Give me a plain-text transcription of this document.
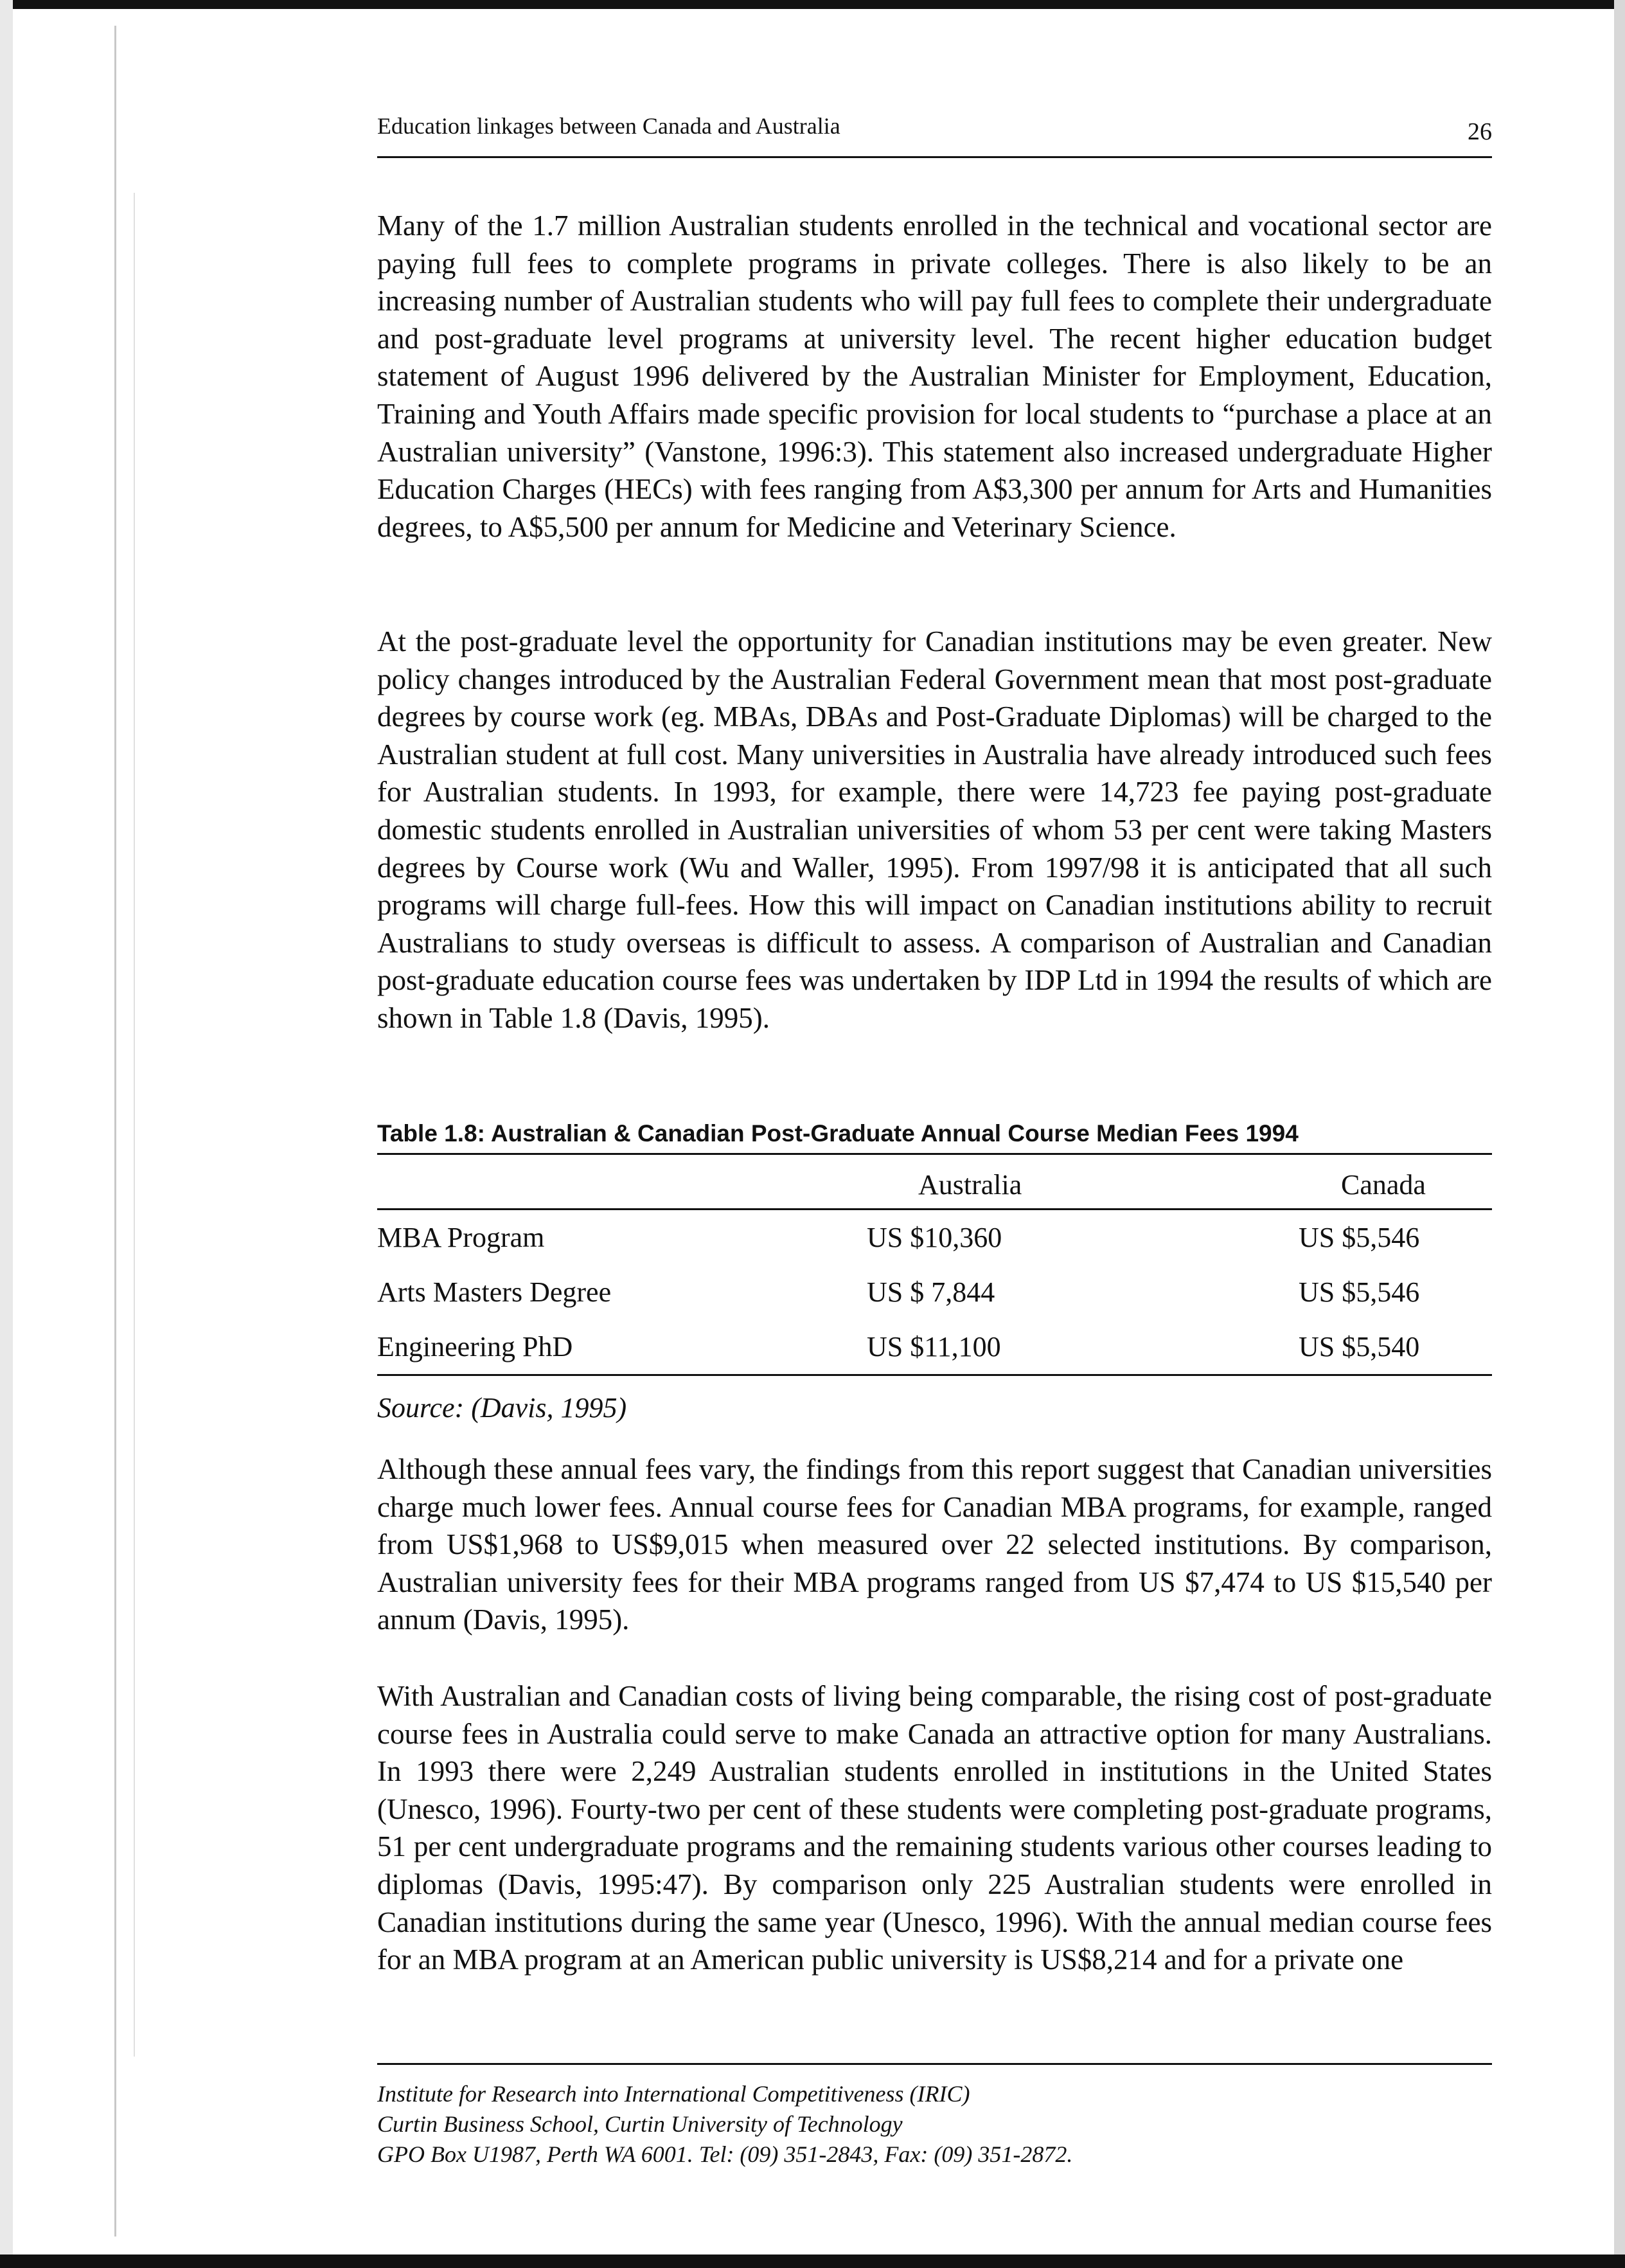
Education linkages between Canada and Australia	26

Many of the 1.7 million Australian students enrolled in the technical and vocational sector are paying full fees to complete programs in private colleges. There is also likely to be an increasing number of Australian students who will pay full fees to complete their undergraduate and post-graduate level programs at university level. The recent higher education budget statement of August 1996 delivered by the Australian Minister for Employment, Education, Training and Youth Affairs made specific provision for local students to “purchase a place at an Australian university” (Vanstone, 1996:3). This statement also increased undergraduate Higher Education Charges (HECs) with fees ranging from A$3,300 per annum for Arts and Humanities degrees, to A$5,500 per annum for Medicine and Veterinary Science.

At the post-graduate level the opportunity for Canadian institutions may be even greater. New policy changes introduced by the Australian Federal Government mean that most post-graduate degrees by course work (eg. MBAs, DBAs and Post-Graduate Diplomas) will be charged to the Australian student at full cost. Many universities in Australia have already introduced such fees for Australian students. In 1993, for example, there were 14,723 fee paying post-graduate domestic students enrolled in Australian universities of whom 53 per cent were taking Masters degrees by Course work (Wu and Waller, 1995). From 1997/98 it is anticipated that all such programs will charge full-fees. How this will impact on Canadian institutions ability to recruit Australians to study overseas is difficult to assess. A comparison of Australian and Canadian post-graduate education course fees was undertaken by IDP Ltd in 1994 the results of which are shown in Table 1.8 (Davis, 1995).

Table 1.8: Australian & Canadian Post-Graduate Annual Course Median Fees 1994
	Australia	Canada
MBA Program	US $10,360	US $5,546
Arts Masters Degree	US $ 7,844	US $5,546
Engineering PhD	US $11,100	US $5,540
Source: (Davis, 1995)

Although these annual fees vary, the findings from this report suggest that Canadian universities charge much lower fees. Annual course fees for Canadian MBA programs, for example, ranged from US$1,968 to US$9,015 when measured over 22 selected institutions. By comparison, Australian university fees for their MBA programs ranged from US $7,474 to US $15,540 per annum (Davis, 1995).

With Australian and Canadian costs of living being comparable, the rising cost of post-graduate course fees in Australia could serve to make Canada an attractive option for many Australians. In 1993 there were 2,249 Australian students enrolled in institutions in the United States (Unesco, 1996). Fourty-two per cent of these students were completing post-graduate programs, 51 per cent undergraduate programs and the remaining students various other courses leading to diplomas (Davis, 1995:47). By comparison only 225 Australian students were enrolled in Canadian institutions during the same year (Unesco, 1996). With the annual median course fees for an MBA program at an American public university is US$8,214 and for a private one

Institute for Research into International Competitiveness (IRIC)
Curtin Business School, Curtin University of Technology
GPO Box U1987, Perth WA 6001. Tel: (09) 351-2843, Fax: (09) 351-2872.
